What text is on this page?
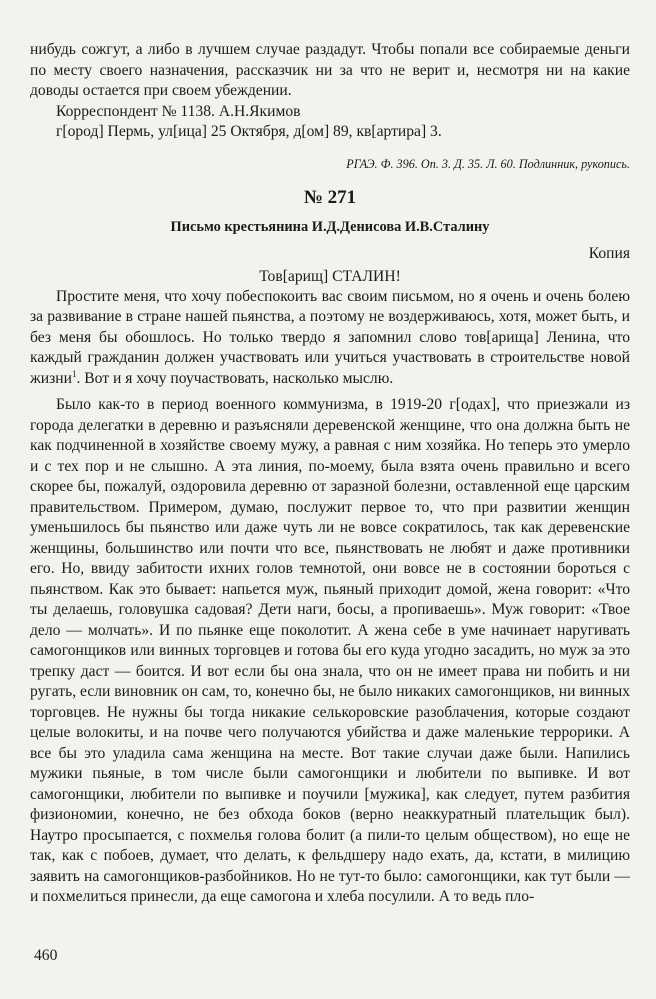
нибудь сожгут, а либо в лучшем случае раздадут. Чтобы попали все собираемые деньги по месту своего назначения, рассказчик ни за что не верит и, несмотря ни на какие доводы остается при своем убеждении.

Корреспондент № 1138. А.Н.Якимов

г[ород] Пермь, ул[ица] 25 Октября, д[ом] 89, кв[артира] 3.

РГАЭ. Ф. 396. Оп. 3. Д. 35. Л. 60. Подлинник, рукопись.

№ 271
Письмо крестьянина И.Д.Денисова И.В.Сталину
Копия
Тов[арищ] СТАЛИН!

Простите меня, что хочу побеспокоить вас своим письмом, но я очень и очень болею за развивание в стране нашей пьянства, а поэтому не воздерживаюсь, хотя, может быть, и без меня бы обошлось. Но только твердо я запомнил слово тов[арища] Ленина, что каждый гражданин должен участвовать или учиться участвовать в строительстве новой жизни$^1$. Вот и я хочу поучаствовать, насколько мыслю.

Было как-то в период военного коммунизма, в 1919-20 г[одах], что приезжали из города делегатки в деревню и разъясняли деревенской женщине, что она должна быть не как подчиненной в хозяйстве своему мужу, а равная с ним хозяйка. Но теперь это умерло и с тех пор и не слышно. А эта линия, по-моему, была взята очень правильно и всего скорее бы, пожалуй, оздоровила деревню от заразной болезни, оставленной еще царским правительством. Примером, думаю, послужит первое то, что при развитии женщин уменьшилось бы пьянство или даже чуть ли не вовсе сократилось, так как деревенские женщины, большинство или почти что все, пьянствовать не любят и даже противники его. Но, ввиду забитости ихних голов темнотой, они вовсе не в состоянии бороться с пьянством. Как это бывает: напьется муж, пьяный приходит домой, жена говорит: «Что ты делаешь, головушка садовая? Дети наги, босы, а пропиваешь». Муж говорит: «Твое дело — молчать». И по пьянке еще поколотит. А жена себе в уме начинает наругивать самогонщиков или винных торговцев и готова бы его куда угодно засадить, но муж за это трепку даст — боится. И вот если бы она знала, что он не имеет права ни побить и ни ругать, если виновник он сам, то, конечно бы, не было никаких самогонщиков, ни винных торговцев. Не нужны бы тогда никакие селькоровские разоблачения, которые создают целые волокиты, и на почве чего получаются убийства и даже маленькие террорики. А все бы это уладила сама женщина на месте. Вот такие случаи даже были. Напились мужики пьяные, в том числе были самогонщики и любители по выпивке. И вот самогонщики, любители по выпивке и поучили [мужика], как следует, путем разбития физиономии, конечно, не без обхода боков (верно неаккуратный плательщик был). Наутро просыпается, с похмелья голова болит (а пили-то целым обществом), но еще не так, как с побоев, думает, что делать, к фельдшеру надо ехать, да, кстати, в милицию заявить на самогонщиков-разбойников. Но не тут-то было: самогонщики, как тут были — и похмелиться принесли, да еще самогона и хлеба посулили. А то ведь пло-

460
